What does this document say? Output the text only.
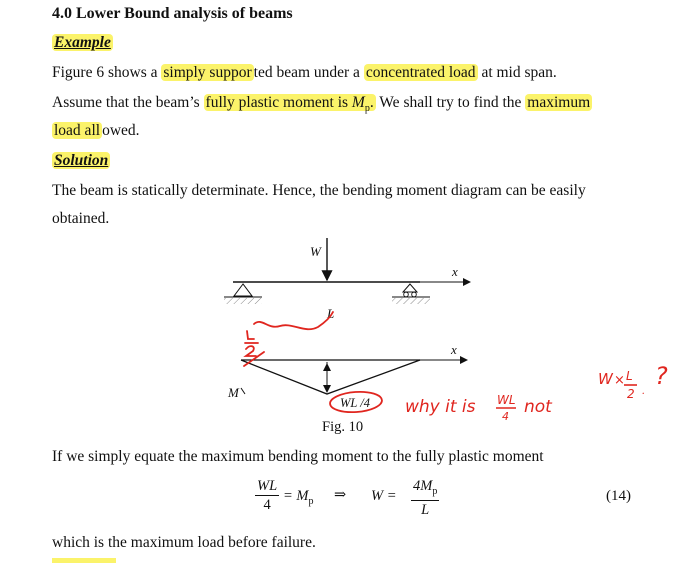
4.0 Lower Bound analysis of beams
Example
Figure 6 shows a simply suppor ted beam under a concentrated load at mid span.
Assume that the beam’s fully plastic moment is $M_p$. We shall try to find the maximum
load all owed.
Solution
The beam is statically determinate. Hence, the bending moment diagram can be easily
obtained.
x
W
L
x
M
WL /4
Fig. 10
why it is WL
4 not
W × L
2 .
?
If we simply equate the maximum bending moment to the fully plastic moment
$\frac{WL}{4} = M_p$ ⇒ $W = \frac{4M_p}{L}$	(14)
which is the maximum load before failure.
